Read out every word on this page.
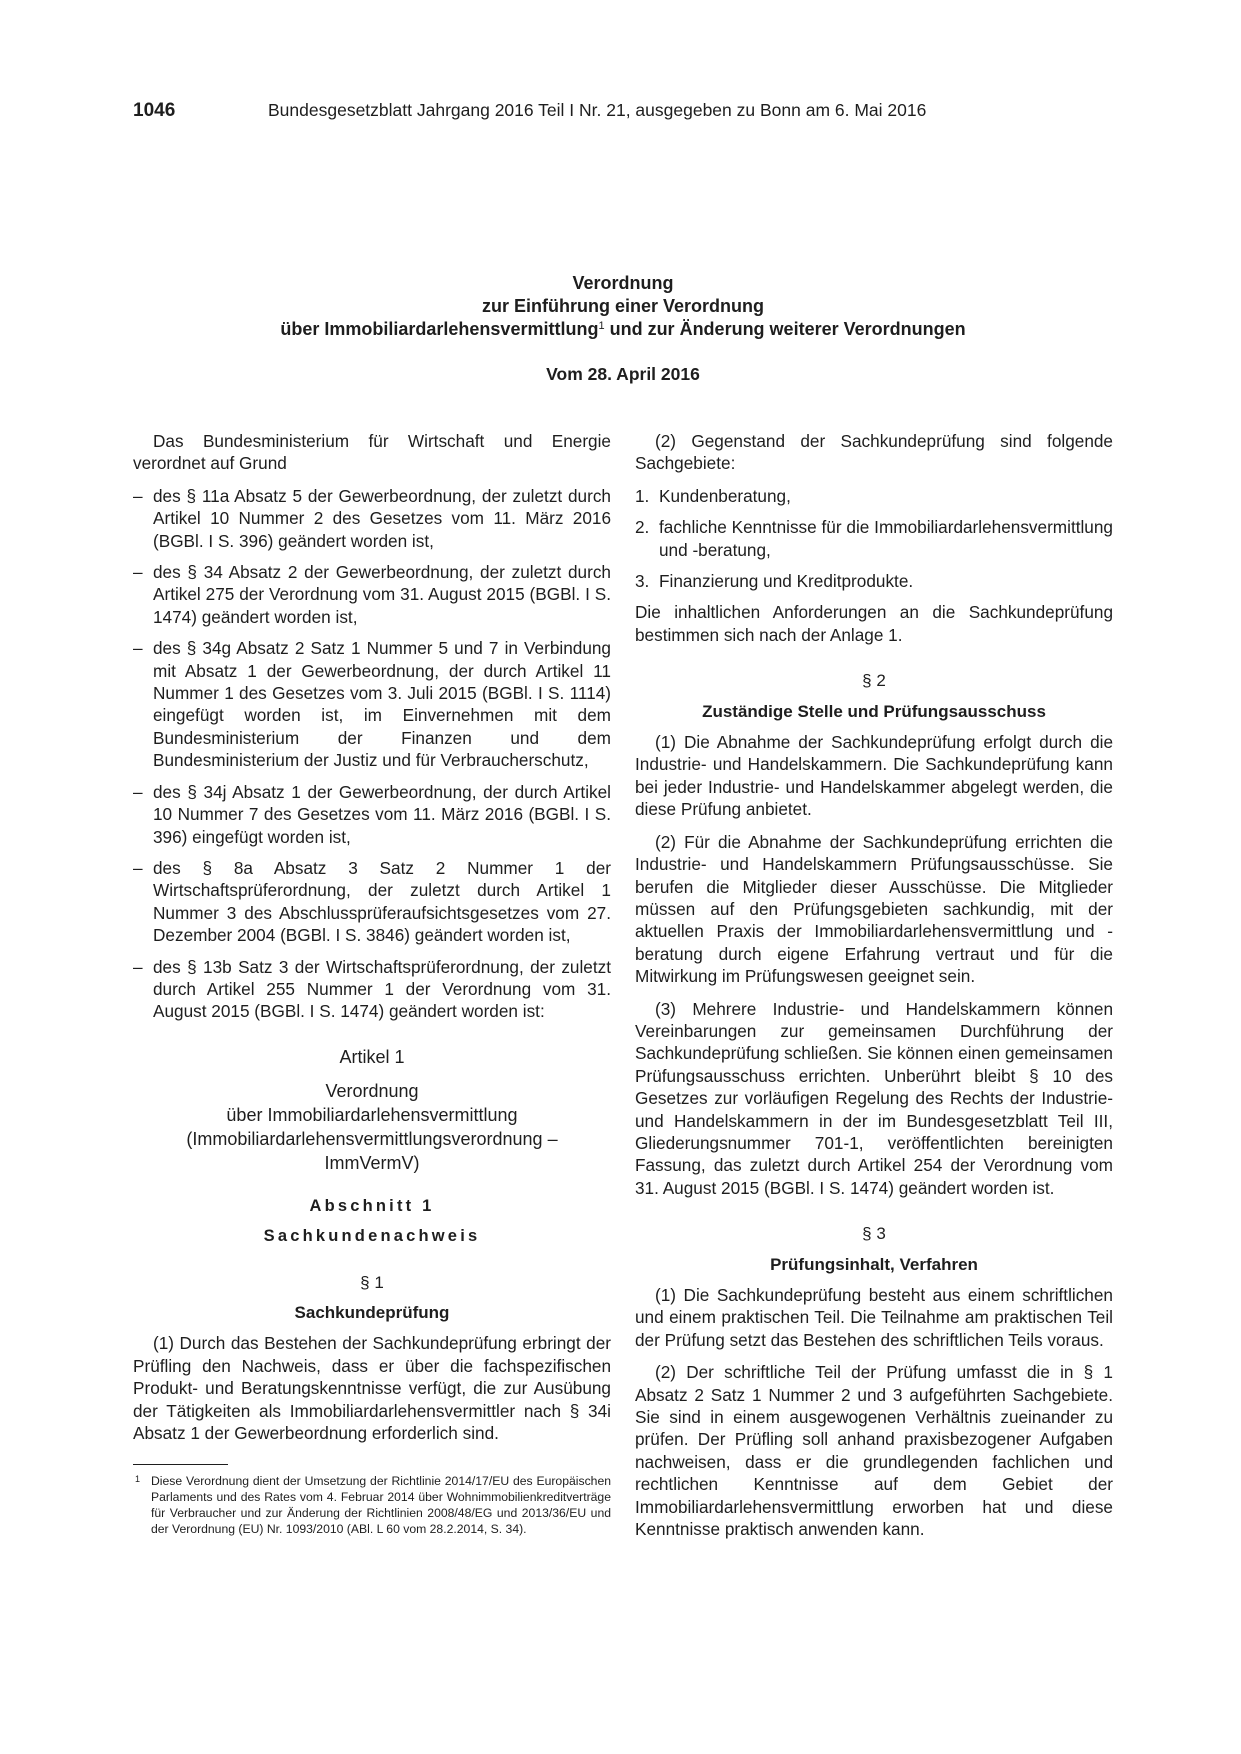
1046	Bundesgesetzblatt Jahrgang 2016 Teil I Nr. 21, ausgegeben zu Bonn am 6. Mai 2016
Verordnung
zur Einführung einer Verordnung
über Immobiliardarlehensvermittlung$^1$ und zur Änderung weiterer Verordnungen
Vom 28. April 2016

Das Bundesministerium für Wirtschaft und Energie verordnet auf Grund

– des § 11a Absatz 5 der Gewerbeordnung, der zuletzt durch Artikel 10 Nummer 2 des Gesetzes vom 11. März 2016 (BGBl. I S. 396) geändert worden ist,
– des § 34 Absatz 2 der Gewerbeordnung, der zuletzt durch Artikel 275 der Verordnung vom 31. August 2015 (BGBl. I S. 1474) geändert worden ist,
– des § 34g Absatz 2 Satz 1 Nummer 5 und 7 in Verbindung mit Absatz 1 der Gewerbeordnung, der durch Artikel 11 Nummer 1 des Gesetzes vom 3. Juli 2015 (BGBl. I S. 1114) eingefügt worden ist, im Einvernehmen mit dem Bundesministerium der Finanzen und dem Bundesministerium der Justiz und für Verbraucherschutz,
– des § 34j Absatz 1 der Gewerbeordnung, der durch Artikel 10 Nummer 7 des Gesetzes vom 11. März 2016 (BGBl. I S. 396) eingefügt worden ist,
– des § 8a Absatz 3 Satz 2 Nummer 1 der Wirtschaftsprüferordnung, der zuletzt durch Artikel 1 Nummer 3 des Abschlussprüferaufsichtsgesetzes vom 27. Dezember 2004 (BGBl. I S. 3846) geändert worden ist,
– des § 13b Satz 3 der Wirtschaftsprüferordnung, der zuletzt durch Artikel 255 Nummer 1 der Verordnung vom 31. August 2015 (BGBl. I S. 1474) geändert worden ist:
Artikel 1
Verordnung
über Immobiliardarlehensvermittlung
(Immobiliardarlehensvermittlungsverordnung –
ImmVermV)
Abschnitt 1
Sachkundenachweis
§ 1
Sachkundeprüfung

(1) Durch das Bestehen der Sachkundeprüfung erbringt der Prüfling den Nachweis, dass er über die fachspezifischen Produkt- und Beratungskenntnisse verfügt, die zur Ausübung der Tätigkeiten als Immobiliardarlehensvermittler nach § 34i Absatz 1 der Gewerbeordnung erforderlich sind.

1 Diese Verordnung dient der Umsetzung der Richtlinie 2014/17/EU des Europäischen Parlaments und des Rates vom 4. Februar 2014 über Wohnimmobilienkreditverträge für Verbraucher und zur Änderung der Richtlinien 2008/48/EG und 2013/36/EU und der Verordnung (EU) Nr. 1093/2010 (ABl. L 60 vom 28.2.2014, S. 34).

(2) Gegenstand der Sachkundeprüfung sind folgende Sachgebiete:

1. Kundenberatung,
2. fachliche Kenntnisse für die Immobiliardarlehensvermittlung und -beratung,
3. Finanzierung und Kreditprodukte.

Die inhaltlichen Anforderungen an die Sachkundeprüfung bestimmen sich nach der Anlage 1.

§ 2
Zuständige Stelle und Prüfungsausschuss

(1) Die Abnahme der Sachkundeprüfung erfolgt durch die Industrie- und Handelskammern. Die Sachkundeprüfung kann bei jeder Industrie- und Handelskammer abgelegt werden, die diese Prüfung anbietet.

(2) Für die Abnahme der Sachkundeprüfung errichten die Industrie- und Handelskammern Prüfungsausschüsse. Sie berufen die Mitglieder dieser Ausschüsse. Die Mitglieder müssen auf den Prüfungsgebieten sachkundig, mit der aktuellen Praxis der Immobiliardarlehensvermittlung und -beratung durch eigene Erfahrung vertraut und für die Mitwirkung im Prüfungswesen geeignet sein.

(3) Mehrere Industrie- und Handelskammern können Vereinbarungen zur gemeinsamen Durchführung der Sachkundeprüfung schließen. Sie können einen gemeinsamen Prüfungsausschuss errichten. Unberührt bleibt § 10 des Gesetzes zur vorläufigen Regelung des Rechts der Industrie- und Handelskammern in der im Bundesgesetzblatt Teil III, Gliederungsnummer 701-1, veröffentlichten bereinigten Fassung, das zuletzt durch Artikel 254 der Verordnung vom 31. August 2015 (BGBl. I S. 1474) geändert worden ist.

§ 3
Prüfungsinhalt, Verfahren

(1) Die Sachkundeprüfung besteht aus einem schriftlichen und einem praktischen Teil. Die Teilnahme am praktischen Teil der Prüfung setzt das Bestehen des schriftlichen Teils voraus.

(2) Der schriftliche Teil der Prüfung umfasst die in § 1 Absatz 2 Satz 1 Nummer 2 und 3 aufgeführten Sachgebiete. Sie sind in einem ausgewogenen Verhältnis zueinander zu prüfen. Der Prüfling soll anhand praxisbezogener Aufgaben nachweisen, dass er die grundlegenden fachlichen und rechtlichen Kenntnisse auf dem Gebiet der Immobiliardarlehensvermittlung erworben hat und diese Kenntnisse praktisch anwenden kann.
